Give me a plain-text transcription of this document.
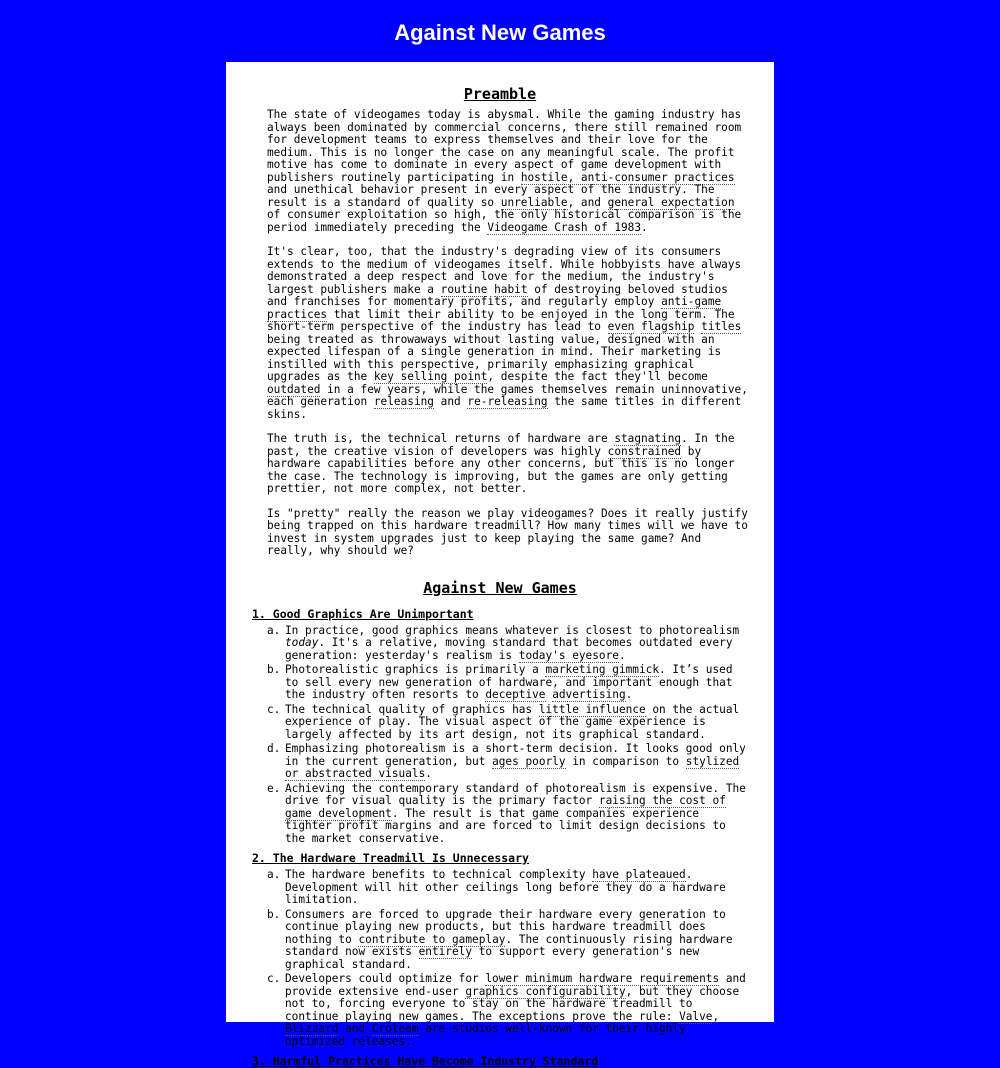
Against New Games
Preamble

The state of videogames today is abysmal. While the gaming industry has always been dominated by commercial concerns, there still remained room for development teams to express themselves and their love for the medium. This is no longer the case on any meaningful scale. The profit motive has come to dominate in every aspect of game development with publishers routinely participating in hostile, anti-consumer practices and unethical behavior present in every aspect of the industry. The result is a standard of quality so unreliable, and general expectation of consumer exploitation so high, the only historical comparison is the period immediately preceding the Videogame Crash of 1983.

It's clear, too, that the industry's degrading view of its consumers extends to the medium of videogames itself. While hobbyists have always demonstrated a deep respect and love for the medium, the industry's largest publishers make a routine habit of destroying beloved studios and franchises for momentary profits, and regularly employ anti-game practices that limit their ability to be enjoyed in the long term. The short-term perspective of the industry has lead to even flagship titles being treated as throwaways without lasting value, designed with an expected lifespan of a single generation in mind. Their marketing is instilled with this perspective, primarily emphasizing graphical upgrades as the key selling point, despite the fact they'll become outdated in a few years, while the games themselves remain uninnovative, each generation releasing and re-releasing the same titles in different skins.

The truth is, the technical returns of hardware are stagnating. In the past, the creative vision of developers was highly constrained by hardware capabilities before any other concerns, but this is no longer the case. The technology is improving, but the games are only getting prettier, not more complex, not better.

Is "pretty" really the reason we play videogames? Does it really justify being trapped on this hardware treadmill? How many times will we have to invest in system upgrades just to keep playing the same game? And really, why should we?

Against New Games
1. Good Graphics Are Unimportant
a. In practice, good graphics means whatever is closest to photorealism today. It's a relative, moving standard that becomes outdated every generation: yesterday's realism is today's eyesore.
b. Photorealistic graphics is primarily a marketing gimmick. It’s used to sell every new generation of hardware, and important enough that the industry often resorts to deceptive advertising.
c. The technical quality of graphics has little influence on the actual experience of play. The visual aspect of the game experience is largely affected by its art design, not its graphical standard.
d. Emphasizing photorealism is a short-term decision. It looks good only in the current generation, but ages poorly in comparison to stylized or abstracted visuals.
e. Achieving the contemporary standard of photorealism is expensive. The drive for visual quality is the primary factor raising the cost of game development. The result is that game companies experience tighter profit margins and are forced to limit design decisions to the market conservative.
2. The Hardware Treadmill Is Unnecessary
a. The hardware benefits to technical complexity have plateaued. Development will hit other ceilings long before they do a hardware limitation.
b. Consumers are forced to upgrade their hardware every generation to continue playing new products, but this hardware treadmill does nothing to contribute to gameplay. The continuously rising hardware standard now exists entirely to support every generation's new graphical standard.
c. Developers could optimize for lower minimum hardware requirements and provide extensive end-user graphics configurability, but they choose not to, forcing everyone to stay on the hardware treadmill to continue playing new games. The exceptions prove the rule: Valve, Blizzard and Croteam are studios well-known for their highly optimized releases.
3. Harmful Practices Have Become Industry Standard
